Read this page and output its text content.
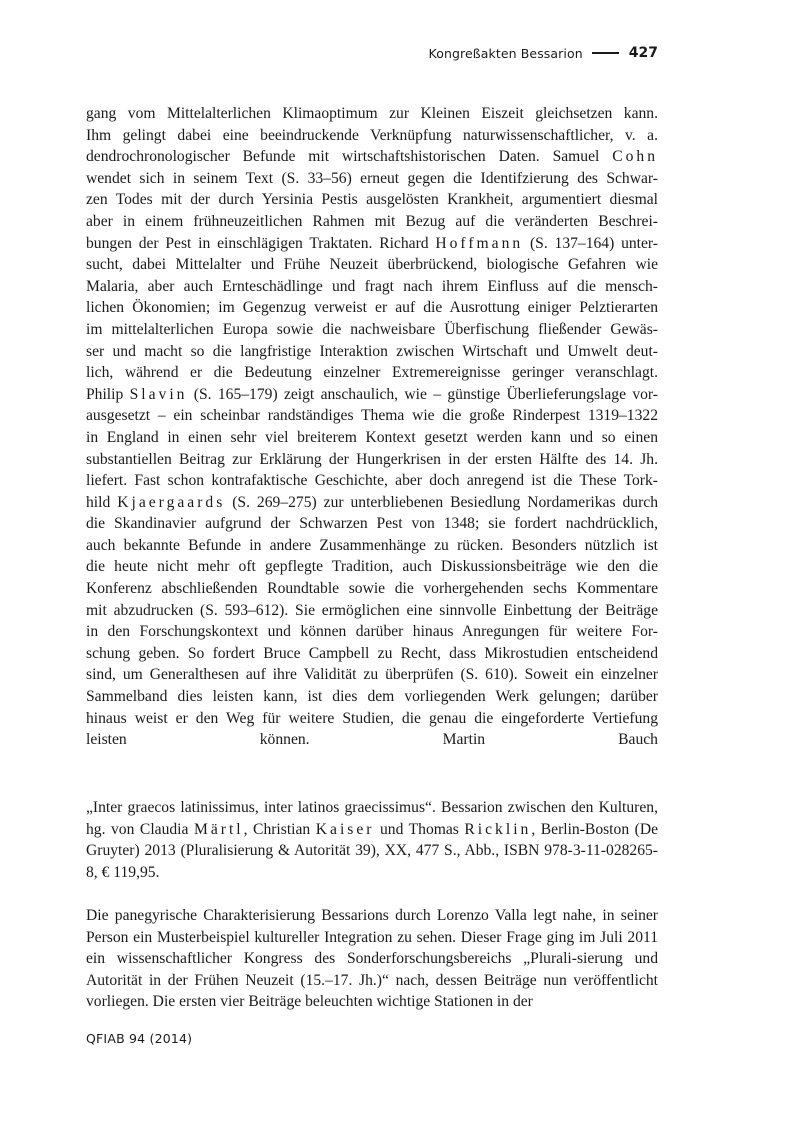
Kongreßakten Bessarion	427
gang vom Mittelalterlichen Klimaoptimum zur Kleinen Eiszeit gleichsetzen kann.
Ihm gelingt dabei eine beeindruckende Verknüpfung naturwissenschaftlicher, v. a.
dendrochronologischer Befunde mit wirtschaftshistorischen Daten. Samuel Cohn
wendet sich in seinem Text (S. 33–56) erneut gegen die Identifzierung des Schwar-
zen Todes mit der durch Yersinia Pestis ausgelösten Krankheit, argumentiert diesmal
aber in einem frühneuzeitlichen Rahmen mit Bezug auf die veränderten Beschrei-
bungen der Pest in einschlägigen Traktaten. Richard Hoffmann (S. 137–164) unter-
sucht, dabei Mittelalter und Frühe Neuzeit überbrückend, biologische Gefahren wie
Malaria, aber auch Ernteschädlinge und fragt nach ihrem Einfluss auf die mensch-
lichen Ökonomien; im Gegenzug verweist er auf die Ausrottung einiger Pelztierarten
im mittelalterlichen Europa sowie die nachweisbare Überfischung fließender Gewäs-
ser und macht so die langfristige Interaktion zwischen Wirtschaft und Umwelt deut-
lich, während er die Bedeutung einzelner Extremereignisse geringer veranschlagt.
Philip Slavin (S. 165–179) zeigt anschaulich, wie – günstige Überlieferungslage vor-
ausgesetzt – ein scheinbar randständiges Thema wie die große Rinderpest 1319–1322
in England in einen sehr viel breiterem Kontext gesetzt werden kann und so einen
substantiellen Beitrag zur Erklärung der Hungerkrisen in der ersten Hälfte des 14. Jh.
liefert. Fast schon kontrafaktische Geschichte, aber doch anregend ist die These Tork-
hild Kjaergaards (S. 269–275) zur unterbliebenen Besiedlung Nordamerikas durch
die Skandinavier aufgrund der Schwarzen Pest von 1348; sie fordert nachdrücklich,
auch bekannte Befunde in andere Zusammenhänge zu rücken. Besonders nützlich ist
die heute nicht mehr oft gepflegte Tradition, auch Diskussionsbeiträge wie den die
Konferenz abschließenden Roundtable sowie die vorhergehenden sechs Kommentare
mit abzudrucken (S. 593–612). Sie ermöglichen eine sinnvolle Einbettung der Beiträge
in den Forschungskontext und können darüber hinaus Anregungen für weitere For-
schung geben. So fordert Bruce Campbell zu Recht, dass Mikrostudien entscheidend
sind, um Generalthesen auf ihre Validität zu überprüfen (S. 610). Soweit ein einzelner
Sammelband dies leisten kann, ist dies dem vorliegenden Werk gelungen; darüber
hinaus weist er den Weg für weitere Studien, die genau die eingeforderte Vertiefung
leisten können.	Martin Bauch

„Inter graecos latinissimus, inter latinos graecissimus“. Bessarion zwischen den Kulturen, hg. von Claudia Märtl, Christian Kaiser und Thomas Ricklin, Berlin-Boston (De Gruyter) 2013 (Pluralisierung & Autorität 39), XX, 477 S., Abb., ISBN 978-3-11-028265-8, € 119,95.

Die panegyrische Charakterisierung Bessarions durch Lorenzo Valla legt nahe, in seiner Person ein Musterbeispiel kultureller Integration zu sehen. Dieser Frage ging im Juli 2011 ein wissenschaftlicher Kongress des Sonderforschungsbereichs „Plurali-sierung und Autorität in der Frühen Neuzeit (15.–17. Jh.)“ nach, dessen Beiträge nun veröffentlicht vorliegen. Die ersten vier Beiträge beleuchten wichtige Stationen in der

QFIAB 94 (2014)
